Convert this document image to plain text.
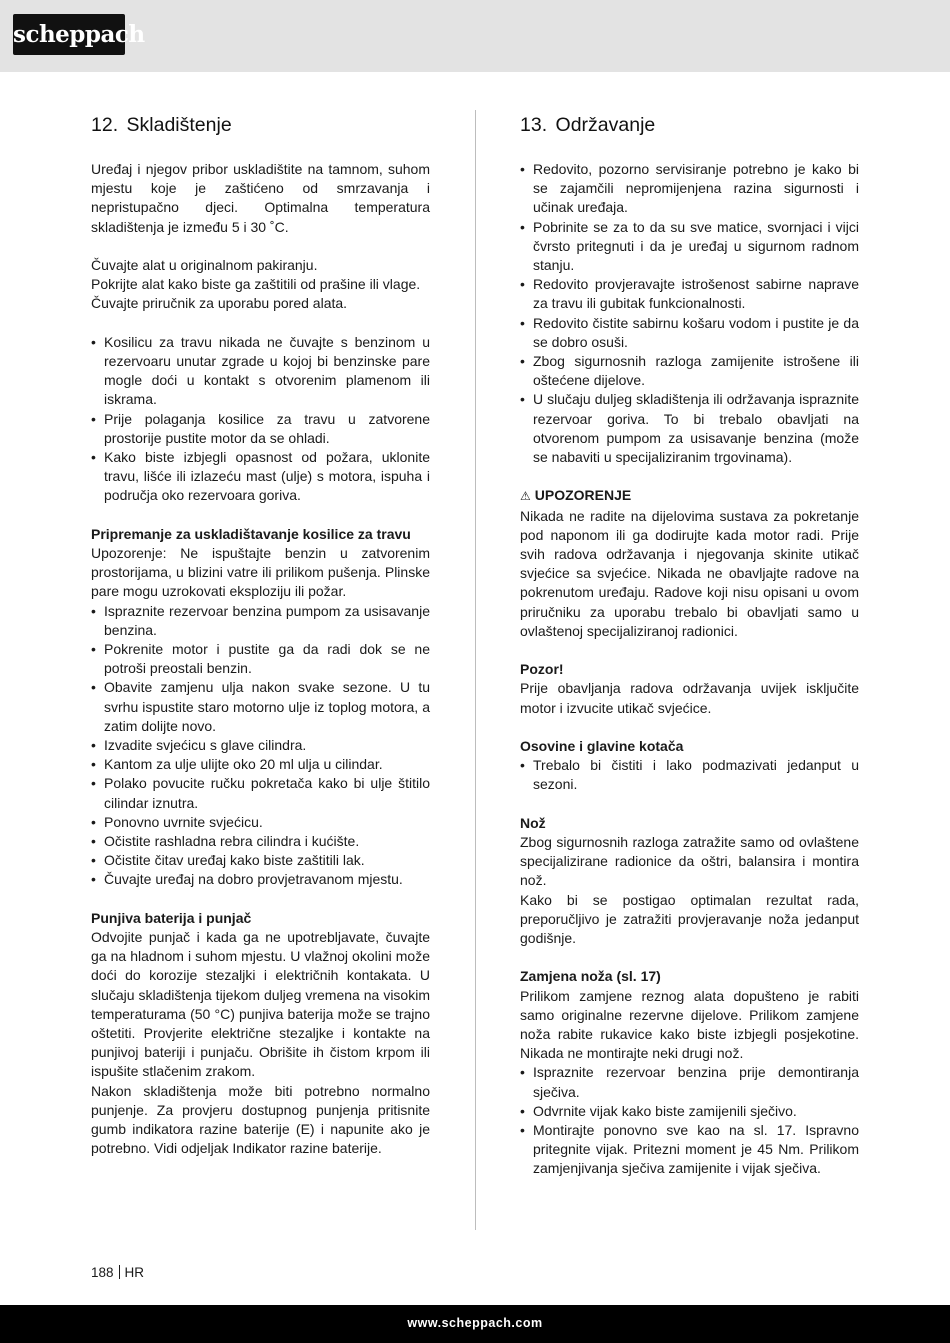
scheppach
12. Skladištenje

Uređaj i njegov pribor uskladištite na tamnom, suhom mjestu koje je zaštićeno od smrzavanja i nepristupačno djeci. Optimalna temperatura skladištenja je između 5 i 30 ˚C.

Čuvajte alat u originalnom pakiranju.

Pokrijte alat kako biste ga zaštitili od prašine ili vlage.

Čuvajte priručnik za uporabu pored alata.

• Kosilicu za travu nikada ne čuvajte s benzinom u rezervoaru unutar zgrade u kojoj bi benzinske pare mogle doći u kontakt s otvorenim plamenom ili iskrama.
• Prije polaganja kosilice za travu u zatvorene prostorije pustite motor da se ohladi.
• Kako biste izbjegli opasnost od požara, uklonite travu, lišće ili izlazeću mast (ulje) s motora, ispuha i područja oko rezervoara goriva.

Pripremanje za uskladištavanje kosilice za travu

Upozorenje: Ne ispuštajte benzin u zatvorenim prostorijama, u blizini vatre ili prilikom pušenja. Plinske pare mogu uzrokovati eksploziju ili požar.

• Ispraznite rezervoar benzina pumpom za usisavanje benzina.
• Pokrenite motor i pustite ga da radi dok se ne potroši preostali benzin.
• Obavite zamjenu ulja nakon svake sezone. U tu svrhu ispustite staro motorno ulje iz toplog motora, a zatim dolijte novo.
• Izvadite svjećicu s glave cilindra.
• Kantom za ulje ulijte oko 20 ml ulja u cilindar.
• Polako povucite ručku pokretača kako bi ulje štitilo cilindar iznutra.
• Ponovno uvrnite svjećicu.
• Očistite rashladna rebra cilindra i kućište.
• Očistite čitav uređaj kako biste zaštitili lak.
• Čuvajte uređaj na dobro provjetravanom mjestu.

Punjiva baterija i punjač

Odvojite punjač i kada ga ne upotrebljavate, čuvajte ga na hladnom i suhom mjestu. U vlažnoj okolini može doći do korozije stezaljki i električnih kontakata. U slučaju skladištenja tijekom duljeg vremena na visokim temperaturama (50 °C) punjiva baterija može se trajno oštetiti. Provjerite električne stezaljke i kontakte na punjivoj bateriji i punjaču. Obrišite ih čistom krpom ili ispušite stlačenim zrakom.

Nakon skladištenja može biti potrebno normalno punjenje. Za provjeru dostupnog punjenja pritisnite gumb indikatora razine baterije (E) i napunite ako je potrebno. Vidi odjeljak Indikator razine baterije.

13. Održavanje
• Redovito, pozorno servisiranje potrebno je kako bi se zajamčili nepromijenjena razina sigurnosti i učinak uređaja.
• Pobrinite se za to da su sve matice, svornjaci i vijci čvrsto pritegnuti i da je uređaj u sigurnom radnom stanju.
• Redovito provjeravajte istrošenost sabirne naprave za travu ili gubitak funkcionalnosti.
• Redovito čistite sabirnu košaru vodom i pustite je da se dobro osuši.
• Zbog sigurnosnih razloga zamijenite istrošene ili oštećene dijelove.
• U slučaju duljeg skladištenja ili održavanja ispraznite rezervoar goriva. To bi trebalo obavljati na otvorenom pumpom za usisavanje benzina (može se nabaviti u specijaliziranim trgovinama).

⚠ UPOZORENJE

Nikada ne radite na dijelovima sustava za pokretanje pod naponom ili ga dodirujte kada motor radi. Prije svih radova održavanja i njegovanja skinite utikač svjećice sa svjećice. Nikada ne obavljajte radove na pokrenutom uređaju. Radove koji nisu opisani u ovom priručniku za uporabu trebalo bi obavljati samo u ovlaštenoj specijaliziranoj radionici.

Pozor!

Prije obavljanja radova održavanja uvijek isključite motor i izvucite utikač svjećice.

Osovine i glavine kotača

• Trebalo bi čistiti i lako podmazivati jedanput u sezoni.

Nož

Zbog sigurnosnih razloga zatražite samo od ovlaštene specijalizirane radionice da oštri, balansira i montira nož.

Kako bi se postigao optimalan rezultat rada, preporučljivo je zatražiti provjeravanje noža jedanput godišnje.

Zamjena noža (sl. 17)

Prilikom zamjene reznog alata dopušteno je rabiti samo originalne rezervne dijelove. Prilikom zamjene noža rabite rukavice kako biste izbjegli posjekotine. Nikada ne montirajte neki drugi nož.

• Ispraznite rezervoar benzina prije demontiranja sječiva.
• Odvrnite vijak kako biste zamijenili sječivo.
• Montirajte ponovno sve kao na sl. 17. Ispravno pritegnite vijak. Pritezni moment je 45 Nm. Prilikom zamjenjivanja sječiva zamijenite i vijak sječiva.
188 HR
www.scheppach.com
